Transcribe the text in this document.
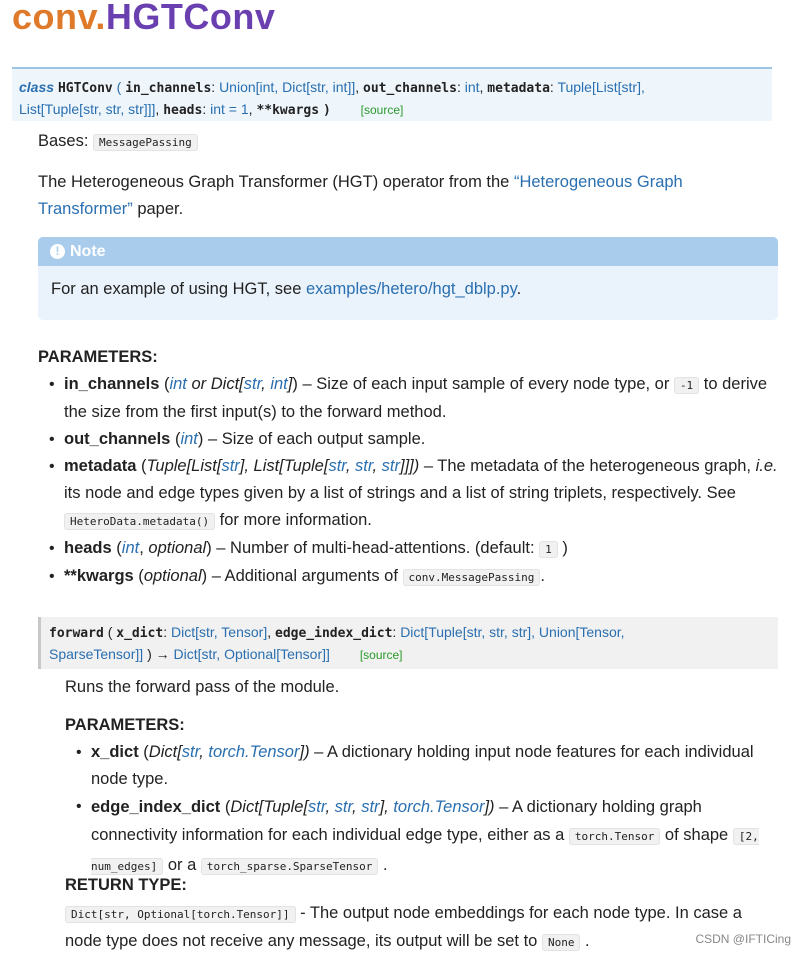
conv.HGTConv
class HGTConv ( in_channels: Union[int, Dict[str, int]], out_channels: int, metadata: Tuple[List[str],
List[Tuple[str, str, str]]], heads: int = 1, **kwargs ) [source]
Bases: MessagePassing
The Heterogeneous Graph Transformer (HGT) operator from the “Heterogeneous Graph Transformer” paper.
! Note
For an example of using HGT, see examples/hetero/hgt_dblp.py.
PARAMETERS:
• in_channels (int or Dict[str, int]) – Size of each input sample of every node type, or -1 to derive the size from the first input(s) to the forward method.
• out_channels (int) – Size of each output sample.
• metadata (Tuple[List[str], List[Tuple[str, str, str]]]) – The metadata of the heterogeneous graph, i.e. its node and edge types given by a list of strings and a list of string triplets, respectively. See HeteroData.metadata() for more information.
• heads (int, optional) – Number of multi-head-attentions. (default: 1 )
• **kwargs (optional) – Additional arguments of conv.MessagePassing .
forward ( x_dict: Dict[str, Tensor], edge_index_dict: Dict[Tuple[str, str, str], Union[Tensor,
SparseTensor]] ) → Dict[str, Optional[Tensor]] [source]
Runs the forward pass of the module.
PARAMETERS:
• x_dict (Dict[str, torch.Tensor]) – A dictionary holding input node features for each individual node type.
• edge_index_dict (Dict[Tuple[str, str, str], torch.Tensor]) – A dictionary holding graph connectivity information for each individual edge type, either as a torch.Tensor of shape [2, num_edges] or a torch_sparse.SparseTensor .
RETURN TYPE:
Dict[str, Optional[torch.Tensor]] - The output node embeddings for each node type. In case a node type does not receive any message, its output will be set to None .	CSDN @IFTICing
